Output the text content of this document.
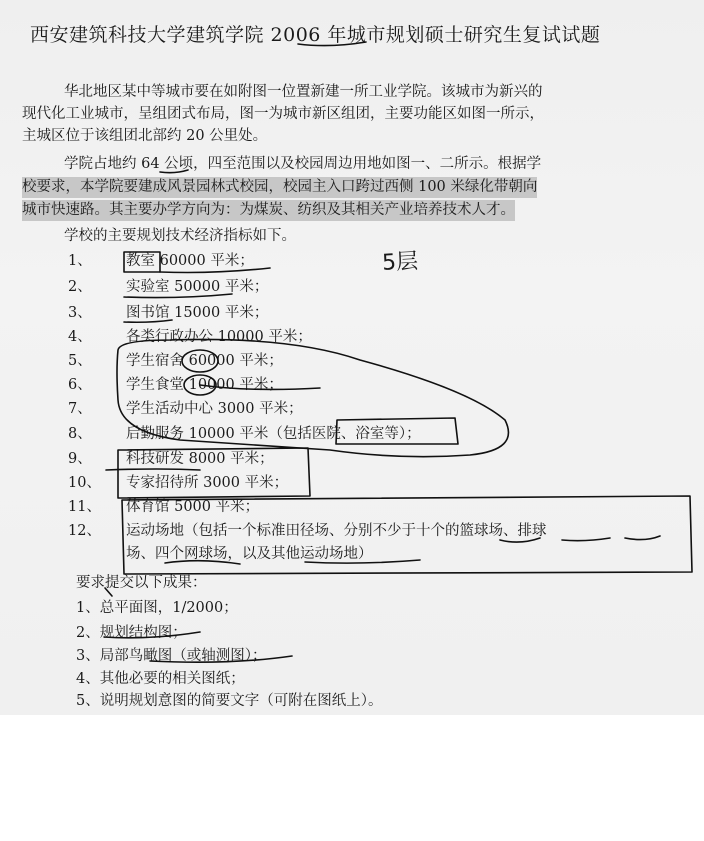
西安建筑科技大学建筑学院 2006 年城市规划硕士研究生复试试题
华北地区某中等城市要在如附图一位置新建一所工业学院。该城市为新兴的
现代化工业城市，呈组团式布局，图一为城市新区组团，主要功能区如图一所示，
主城区位于该组团北部约 20 公里处。
学院占地约 64 公顷，四至范围以及校园周边用地如图一、二所示。根据学
校要求，本学院要建成风景园林式校园，校园主入口跨过西侧 100 米绿化带朝向
城市快速路。其主要办学方向为：为煤炭、纺织及其相关产业培养技术人才。
学校的主要规划技术经济指标如下。
5层
1、	教室 60000 平米；
2、	实验室 50000 平米；
3、	图书馆 15000 平米；
4、	各类行政办公 10000 平米；
5、	学生宿舍 60000 平米；
6、	学生食堂 10000 平米；
7、	学生活动中心 3000 平米；
8、	后勤服务 10000 平米（包括医院、浴室等）；
9、	科技研发 8000 平米；
10、 专家招待所 3000 平米；
11、 体育馆 5000 平米；
12、 运动场地（包括一个标准田径场、分别不少于十个的篮球场、排球
场、四个网球场，以及其他运动场地）
要求提交以下成果：
1、总平面图，1/2000；
2、规划结构图；
3、局部鸟瞰图（或轴测图）；
4、其他必要的相关图纸；
5、说明规划意图的简要文字（可附在图纸上）。
